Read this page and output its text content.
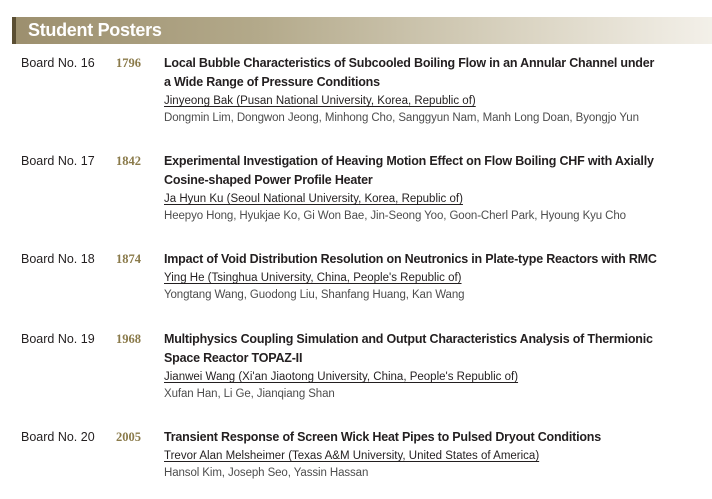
Student Posters
Board No. 16 1796 Local Bubble Characteristics of Subcooled Boiling Flow in an Annular Channel under
a Wide Range of Pressure Conditions
Jinyeong Bak (Pusan National University, Korea, Republic of)
Dongmin Lim, Dongwon Jeong, Minhong Cho, Sanggyun Nam, Manh Long Doan, Byongjo Yun
Board No. 17 1842 Experimental Investigation of Heaving Motion Effect on Flow Boiling CHF with Axially
Cosine-shaped Power Profile Heater
Ja Hyun Ku (Seoul National University, Korea, Republic of)
Heepyo Hong, Hyukjae Ko, Gi Won Bae, Jin-Seong Yoo, Goon-Cherl Park, Hyoung Kyu Cho
Board No. 18 1874 Impact of Void Distribution Resolution on Neutronics in Plate-type Reactors with RMC
Ying He (Tsinghua University, China, People's Republic of)
Yongtang Wang, Guodong Liu, Shanfang Huang, Kan Wang
Board No. 19 1968 Multiphysics Coupling Simulation and Output Characteristics Analysis of Thermionic
Space Reactor TOPAZ-II
Jianwei Wang (Xi'an Jiaotong University, China, People's Republic of)
Xufan Han, Li Ge, Jianqiang Shan
Board No. 20 2005 Transient Response of Screen Wick Heat Pipes to Pulsed Dryout Conditions
Trevor Alan Melsheimer (Texas A&M University, United States of America)
Hansol Kim, Joseph Seo, Yassin Hassan
